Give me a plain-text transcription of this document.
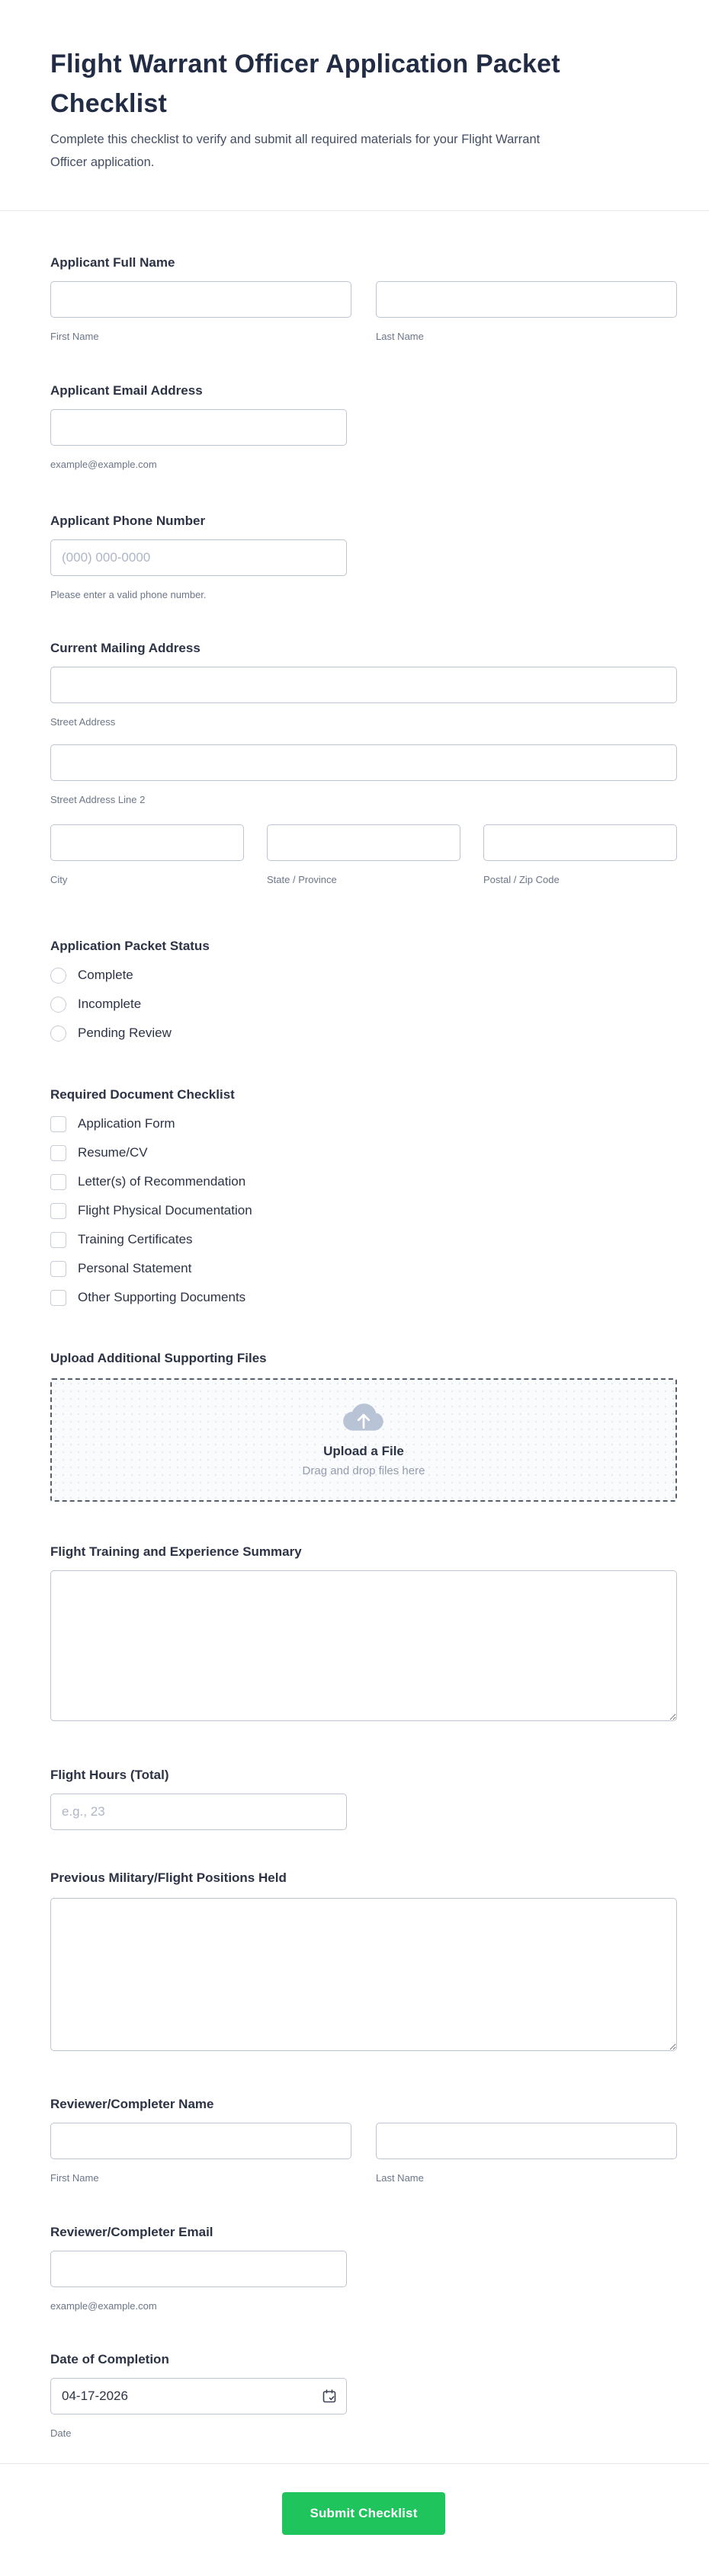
Flight Warrant Officer Application Packet Checklist

Complete this checklist to verify and submit all required materials for your Flight Warrant Officer application.

Applicant Full Name
First Name	Last Name
Applicant Email Address
example@example.com
Applicant Phone Number
(000) 000-0000
Please enter a valid phone number.
Current Mailing Address
Street Address
Street Address Line 2
City	State / Province	Postal / Zip Code
Application Packet Status
Complete
Incomplete
Pending Review
Required Document Checklist
Application Form
Resume/CV
Letter(s) of Recommendation
Flight Physical Documentation
Training Certificates
Personal Statement
Other Supporting Documents
Upload Additional Supporting Files
Upload a File
Drag and drop files here
Flight Training and Experience Summary
Flight Hours (Total)
e.g., 23
Previous Military/Flight Positions Held
Reviewer/Completer Name
First Name	Last Name
Reviewer/Completer Email
example@example.com
Date of Completion
04-17-2026
Date
Submit Checklist
